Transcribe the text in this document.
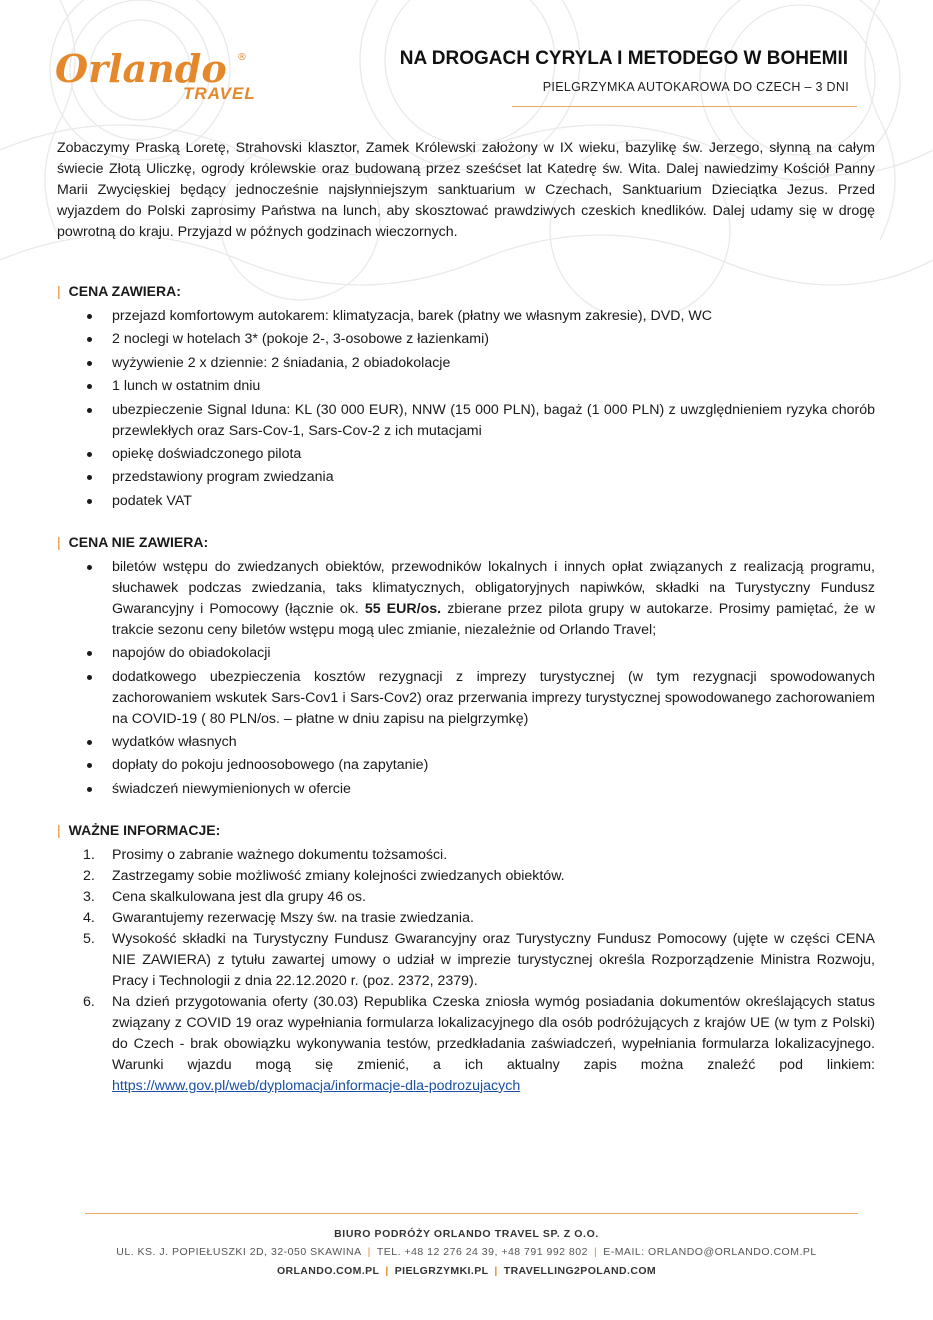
Orlando ®
TRAVEL
NA DROGACH CYRYLA I METODEGO W BOHEMII
PIELGRZYMKA AUTOKAROWA DO CZECH – 3 DNI

Zobaczymy Praską Loretę, Strahovski klasztor, Zamek Królewski założony w IX wieku, bazylikę św. Jerzego, słynną na całym świecie Złotą Uliczkę, ogrody królewskie oraz budowaną przez sześćset lat Katedrę św. Wita. Dalej nawiedzimy Kościół Panny Marii Zwycięskiej będący jednocześnie najsłynniejszym sanktuarium w Czechach, Sanktuarium Dzieciątka Jezus. Przed wyjazdem do Polski zaprosimy Państwa na lunch, aby skosztować prawdziwych czeskich knedlików. Dalej udamy się w drogę powrotną do kraju. Przyjazd w późnych godzinach wieczornych.

| CENA ZAWIERA:
przejazd komfortowym autokarem: klimatyzacja, barek (płatny we własnym zakresie), DVD, WC
2 noclegi w hotelach 3* (pokoje 2-, 3-osobowe z łazienkami)
wyżywienie 2 x dziennie: 2 śniadania, 2 obiadokolacje
1 lunch w ostatnim dniu
ubezpieczenie Signal Iduna: KL (30 000 EUR), NNW (15 000 PLN), bagaż (1 000 PLN) z uwzględnieniem ryzyka chorób przewlekłych oraz Sars-Cov-1, Sars-Cov-2 z ich mutacjami
opiekę doświadczonego pilota
przedstawiony program zwiedzania
podatek VAT
| CENA NIE ZAWIERA:
biletów wstępu do zwiedzanych obiektów, przewodników lokalnych i innych opłat związanych z realizacją programu, słuchawek podczas zwiedzania, taks klimatycznych, obligatoryjnych napiwków, składki na Turystyczny Fundusz Gwarancyjny i Pomocowy (łącznie ok. 55 EUR/os. zbierane przez pilota grupy w autokarze. Prosimy pamiętać, że w trakcie sezonu ceny biletów wstępu mogą ulec zmianie, niezależnie od Orlando Travel;
napojów do obiadokolacji
dodatkowego ubezpieczenia kosztów rezygnacji z imprezy turystycznej (w tym rezygnacji spowodowanych zachorowaniem wskutek Sars-Cov1 i Sars-Cov2) oraz przerwania imprezy turystycznej spowodowanego zachorowaniem na COVID-19 ( 80 PLN/os. – płatne w dniu zapisu na pielgrzymkę)
wydatków własnych
dopłaty do pokoju jednoosobowego (na zapytanie)
świadczeń niewymienionych w ofercie
| WAŻNE INFORMACJE:
1. Prosimy o zabranie ważnego dokumentu tożsamości.
2. Zastrzegamy sobie możliwość zmiany kolejności zwiedzanych obiektów.
3. Cena skalkulowana jest dla grupy 46 os.
4. Gwarantujemy rezerwację Mszy św. na trasie zwiedzania.
5. Wysokość składki na Turystyczny Fundusz Gwarancyjny oraz Turystyczny Fundusz Pomocowy (ujęte w części CENA NIE ZAWIERA) z tytułu zawartej umowy o udział w imprezie turystycznej określa Rozporządzenie Ministra Rozwoju, Pracy i Technologii z dnia 22.12.2020 r. (poz. 2372, 2379).
6. Na dzień przygotowania oferty (30.03) Republika Czeska zniosła wymóg posiadania dokumentów określających status związany z COVID 19 oraz wypełniania formularza lokalizacyjnego dla osób podróżujących z krajów UE (w tym z Polski) do Czech - brak obowiązku wykonywania testów, przedkładania zaświadczeń, wypełniania formularza lokalizacyjnego. Warunki wjazdu mogą się zmienić, a ich aktualny zapis można znaleźć pod linkiem: https://www.gov.pl/web/dyplomacja/informacje-dla-podrozujacych
BIURO PODRÓŻY ORLANDO TRAVEL SP. Z O.O.
UL. KS. J. POPIEŁUSZKI 2D, 32-050 SKAWINA | TEL. +48 12 276 24 39, +48 791 992 802 | E-MAIL: ORLANDO@ORLANDO.COM.PL
ORLANDO.COM.PL | PIELGRZYMKI.PL | TRAVELLING2POLAND.COM
